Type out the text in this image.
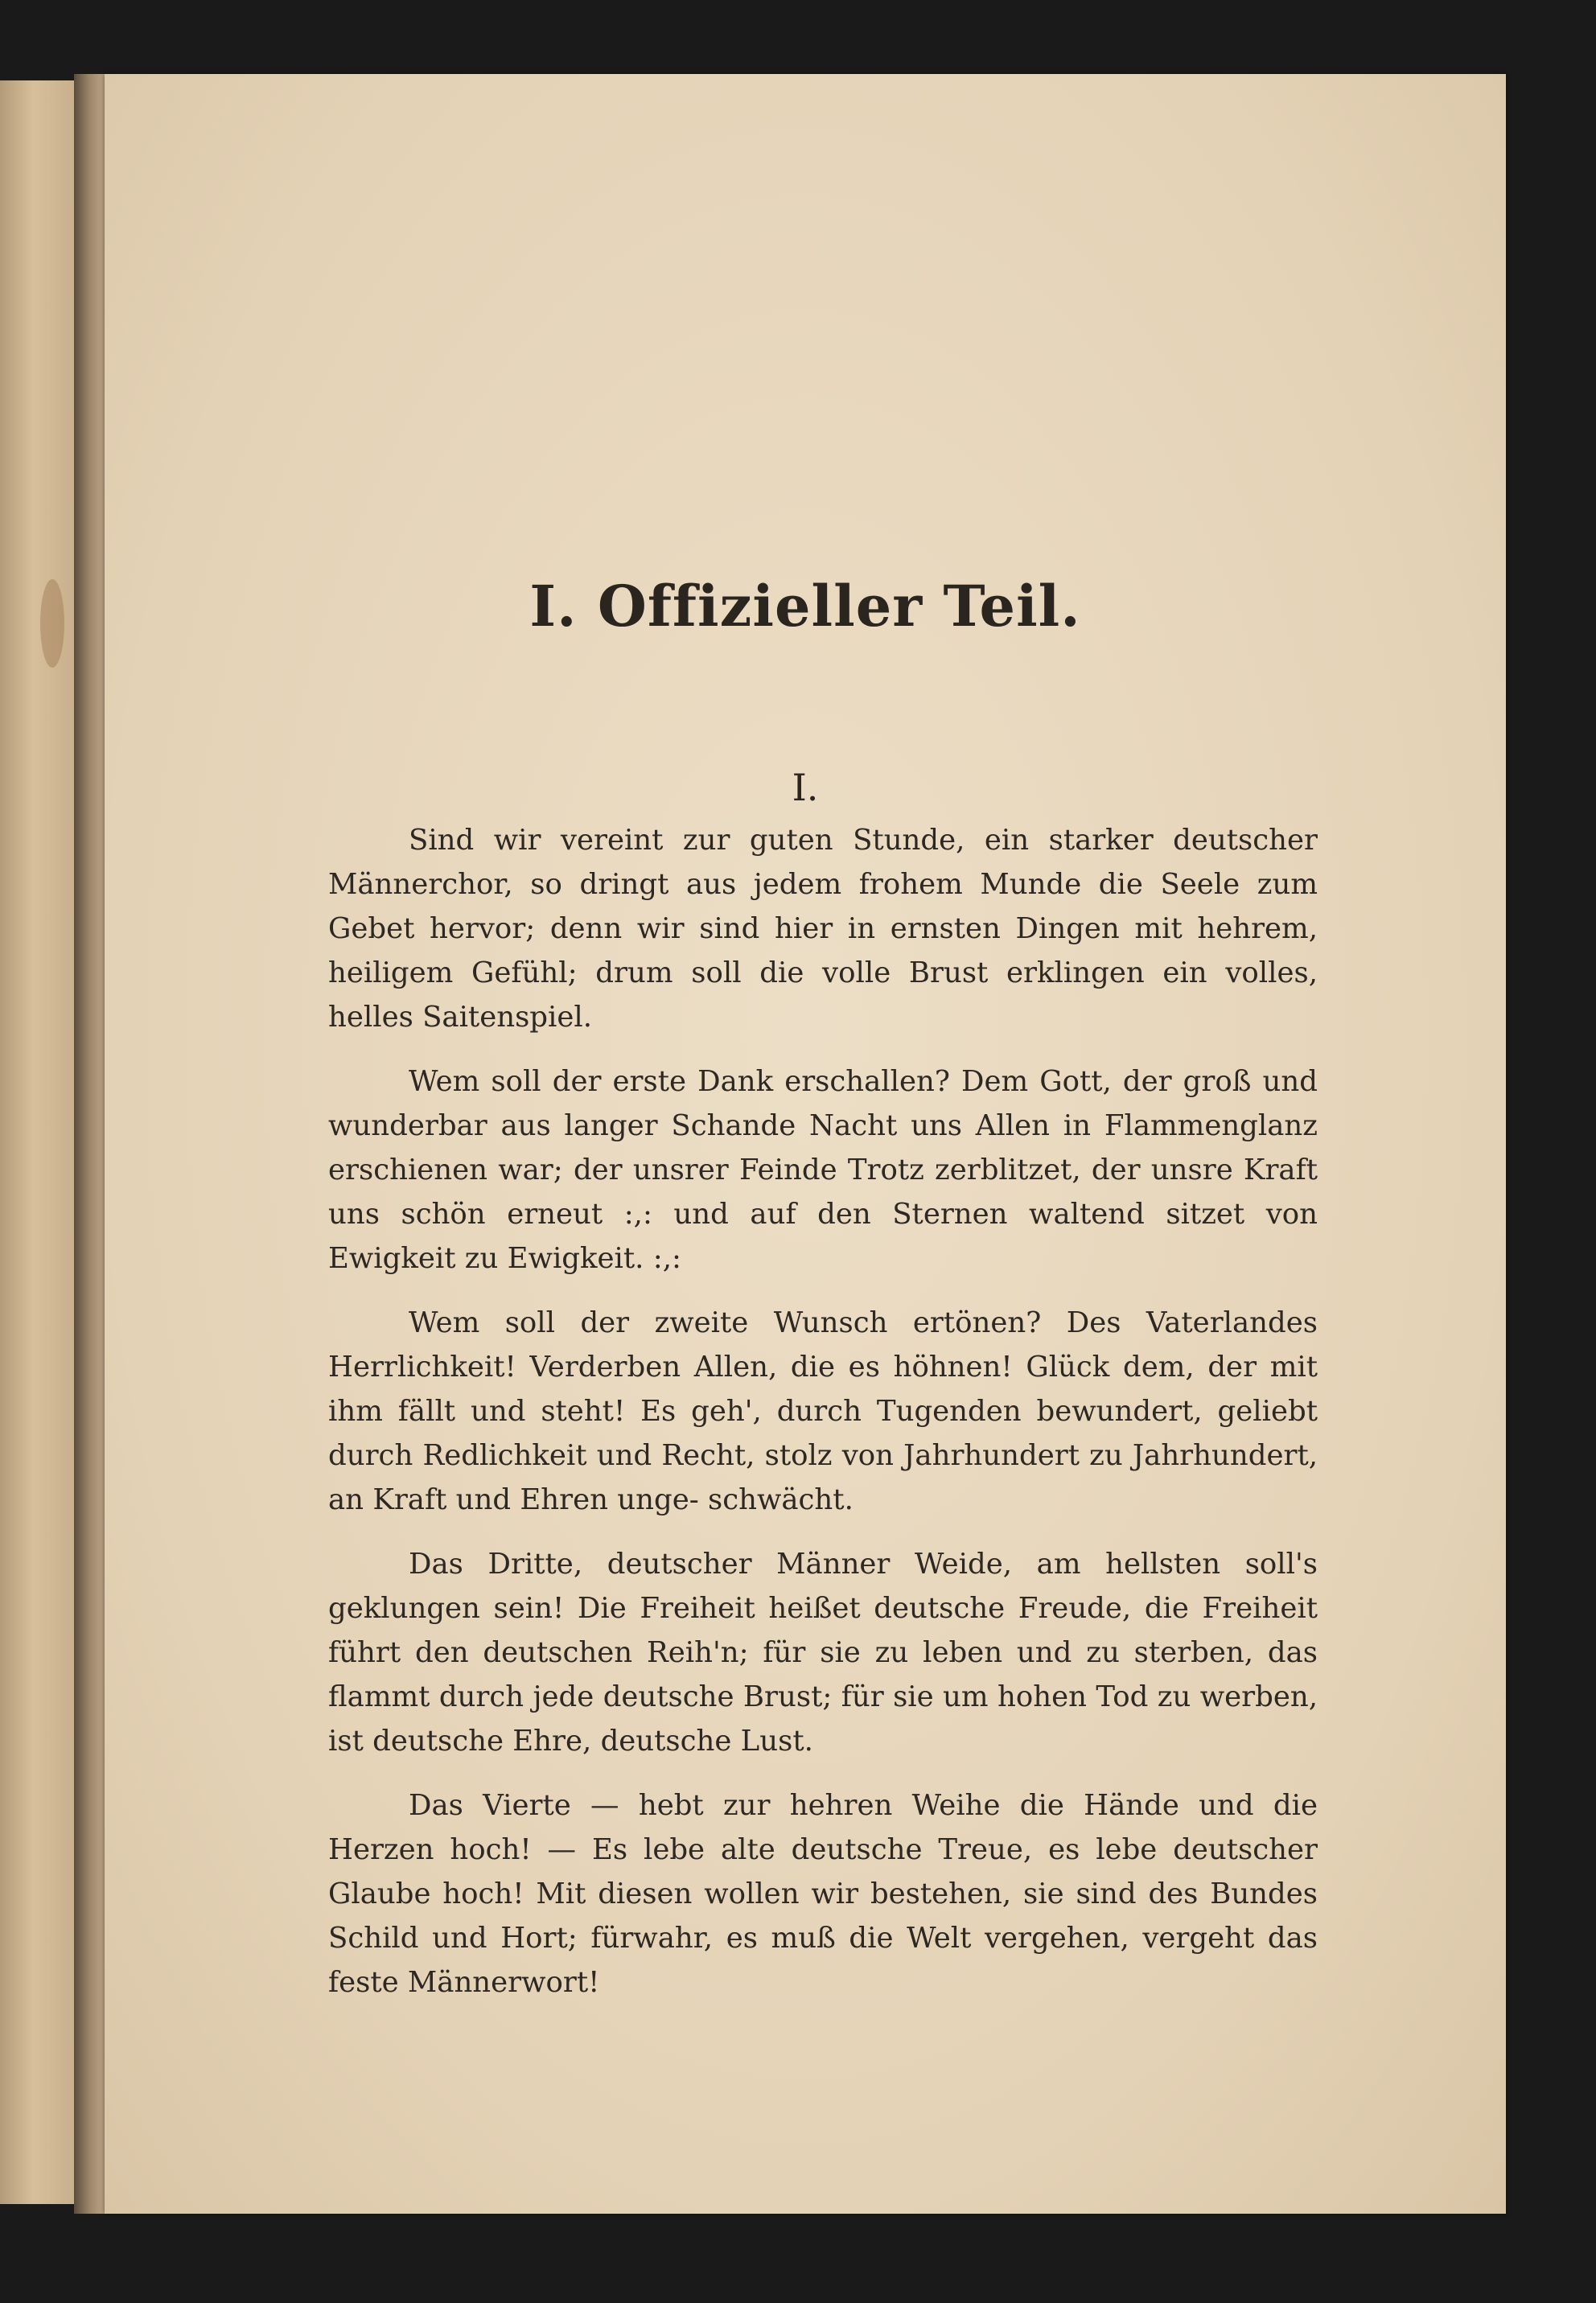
I. Offizieller Teil.
I.

Sind wir vereint zur guten Stunde, ein starker deutscher Männerchor, so dringt aus jedem frohem Munde die Seele zum Gebet hervor; denn wir sind hier in ernsten Dingen mit hehrem, heiligem Gefühl; drum soll die volle Brust erklingen ein volles, helles Saitenspiel.

Wem soll der erste Dank erschallen? Dem Gott, der groß und wunderbar aus langer Schande Nacht uns Allen in Flammenglanz erschienen war; der unsrer Feinde Trotz zerblitzet, der unsre Kraft uns schön erneut :,: und auf den Sternen waltend sitzet von Ewigkeit zu Ewigkeit. :,:

Wem soll der zweite Wunsch ertönen? Des Vaterlandes Herrlichkeit! Verderben Allen, die es höhnen! Glück dem, der mit ihm fällt und steht! Es geh', durch Tugenden bewundert, geliebt durch Redlichkeit und Recht, stolz von Jahrhundert zu Jahrhundert, an Kraft und Ehren unge- schwächt.

Das Dritte, deutscher Männer Weide, am hellsten soll's geklungen sein! Die Freiheit heißet deutsche Freude, die Freiheit führt den deutschen Reih'n; für sie zu leben und zu sterben, das flammt durch jede deutsche Brust; für sie um hohen Tod zu werben, ist deutsche Ehre, deutsche Lust.

Das Vierte — hebt zur hehren Weihe die Hände und die Herzen hoch! — Es lebe alte deutsche Treue, es lebe deutscher Glaube hoch! Mit diesen wollen wir bestehen, sie sind des Bundes Schild und Hort; fürwahr, es muß die Welt vergehen, vergeht das feste Männerwort!
